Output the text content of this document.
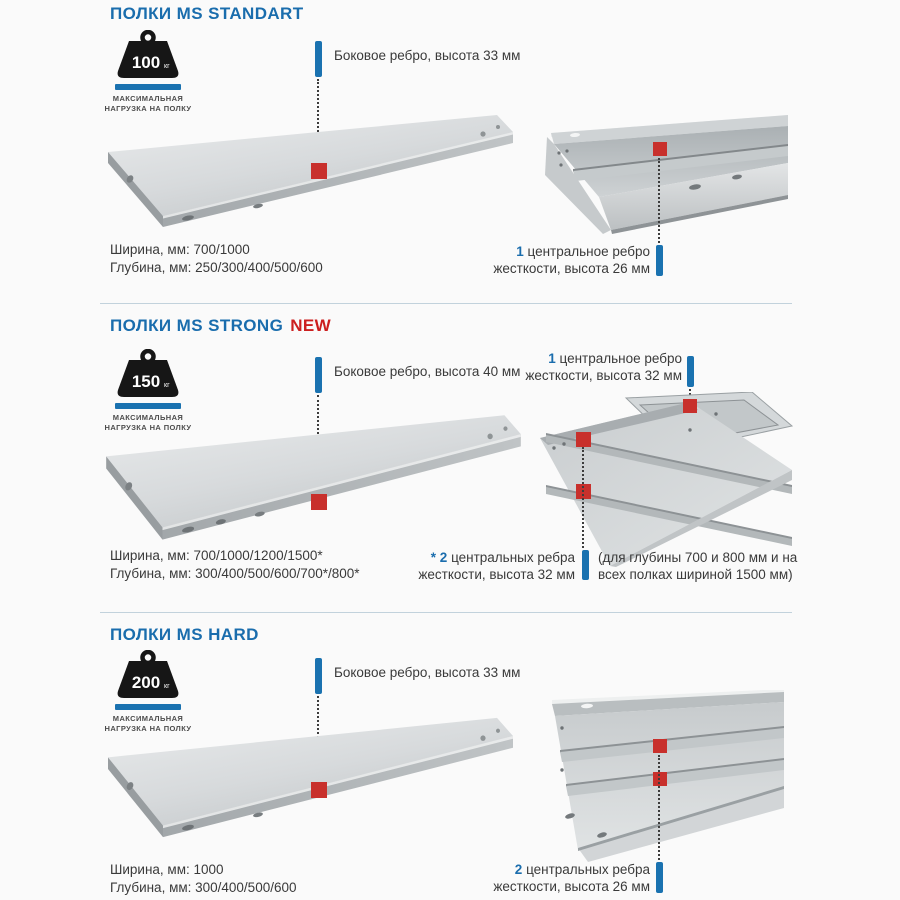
ПОЛКИ MS STANDART
100 кг
МАКСИМАЛЬНАЯ
НАГРУЗКА НА ПОЛКУ
Боковое ребро, высота 33 мм
1 центральное ребро
жесткости, высота 26 мм
Ширина, мм: 700/1000
Глубина, мм: 250/300/400/500/600
ПОЛКИ MS STRONG NEW
150 кг
МАКСИМАЛЬНАЯ
НАГРУЗКА НА ПОЛКУ
Боковое ребро, высота 40 мм
1 центральное ребро
жесткости, высота 32 мм
* 2 центральных ребра
жесткости, высота 32 мм
(для глубины 700 и 800 мм и на
всех полках шириной 1500 мм)
Ширина, мм: 700/1000/1200/1500*
Глубина, мм: 300/400/500/600/700*/800*
ПОЛКИ MS HARD
200 кг
МАКСИМАЛЬНАЯ
НАГРУЗКА НА ПОЛКУ
Боковое ребро, высота 33 мм
2 центральных ребра
жесткости, высота 26 мм
Ширина, мм: 1000
Глубина, мм: 300/400/500/600
